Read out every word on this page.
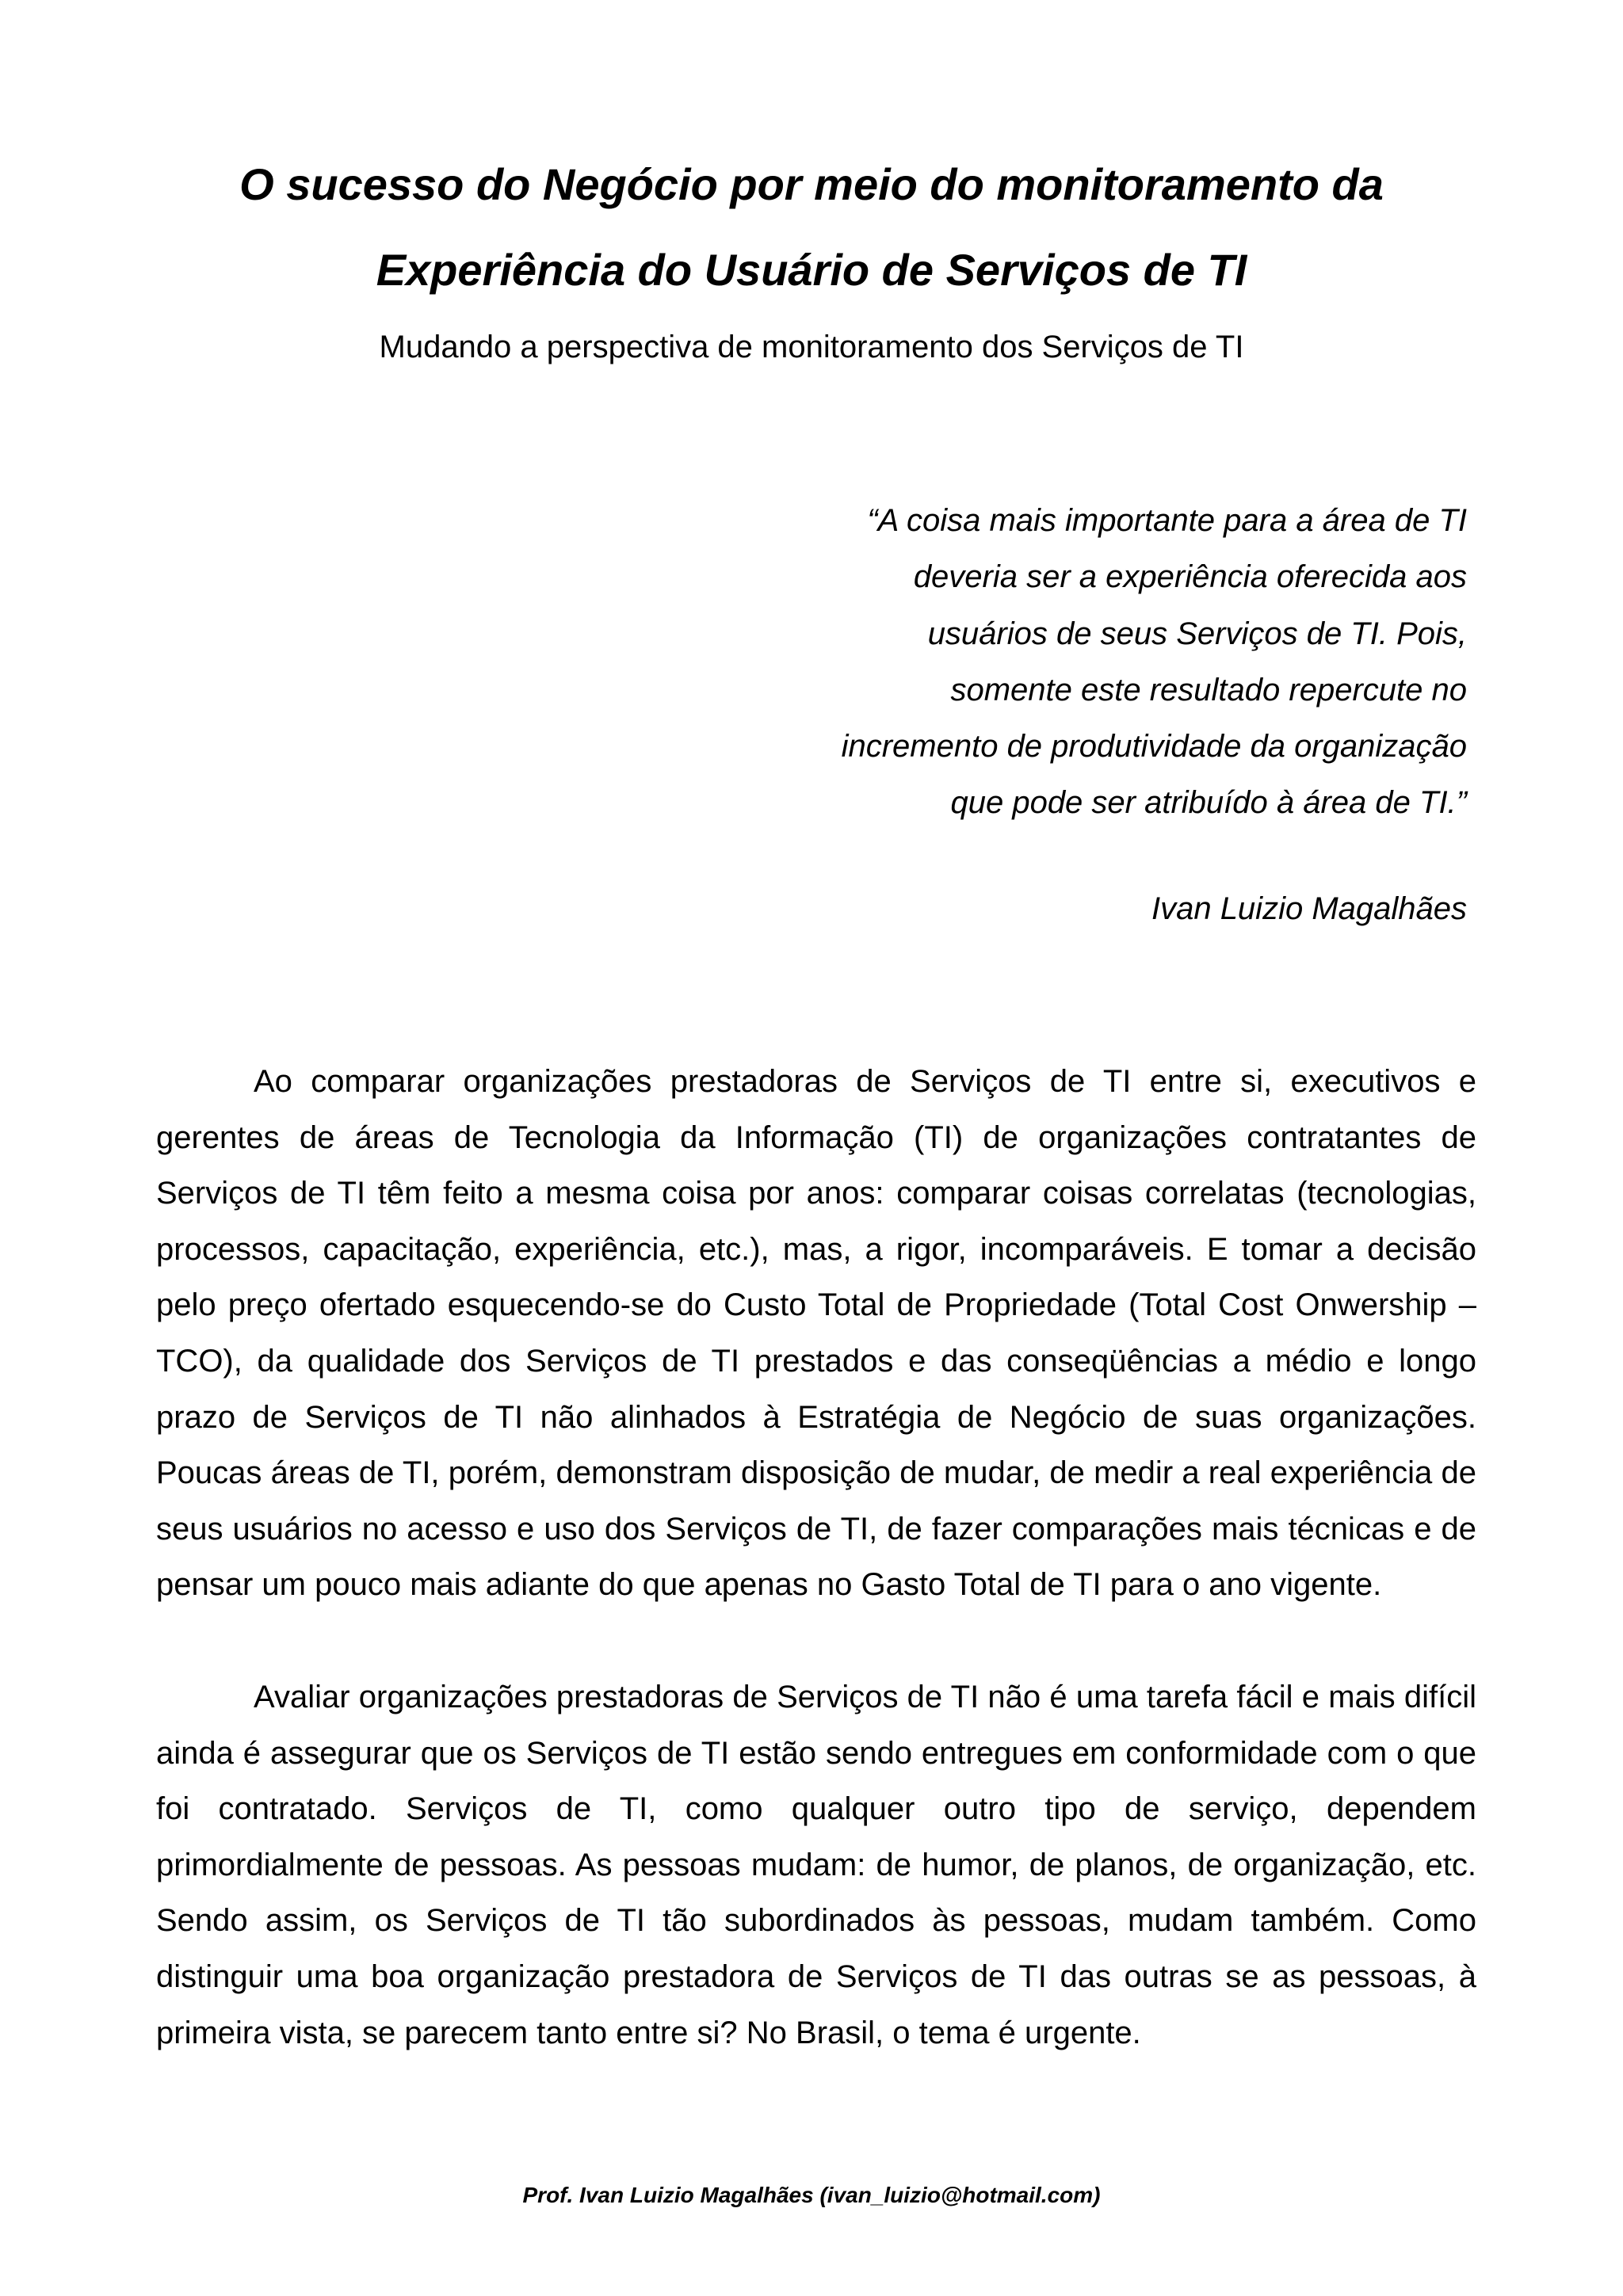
O sucesso do Negócio por meio do monitoramento da
Experiência do Usuário de Serviços de TI

Mudando a perspectiva de monitoramento dos Serviços de TI

“A coisa mais importante para a área de TI
deveria ser a experiência oferecida aos
usuários de seus Serviços de TI. Pois,
somente este resultado repercute no
incremento de produtividade da organização
que pode ser atribuído à área de TI.”
Ivan Luizio Magalhães

Ao comparar organizações prestadoras de Serviços de TI entre si, executivos e gerentes de áreas de Tecnologia da Informação (TI) de organizações contratantes de Serviços de TI têm feito a mesma coisa por anos: comparar coisas correlatas (tecnologias, processos, capacitação, experiência, etc.), mas, a rigor, incomparáveis. E tomar a decisão pelo preço ofertado esquecendo-se do Custo Total de Propriedade (Total Cost Onwership – TCO), da qualidade dos Serviços de TI prestados e das conseqüências a médio e longo prazo de Serviços de TI não alinhados à Estratégia de Negócio de suas organizações. Poucas áreas de TI, porém, demonstram disposição de mudar, de medir a real experiência de seus usuários no acesso e uso dos Serviços de TI, de fazer comparações mais técnicas e de pensar um pouco mais adiante do que apenas no Gasto Total de TI para o ano vigente.

Avaliar organizações prestadoras de Serviços de TI não é uma tarefa fácil e mais difícil ainda é assegurar que os Serviços de TI estão sendo entregues em conformidade com o que foi contratado. Serviços de TI, como qualquer outro tipo de serviço, dependem primordialmente de pessoas. As pessoas mudam: de humor, de planos, de organização, etc. Sendo assim, os Serviços de TI tão subordinados às pessoas, mudam também. Como distinguir uma boa organização prestadora de Serviços de TI das outras se as pessoas, à primeira vista, se parecem tanto entre si? No Brasil, o tema é urgente.

Prof. Ivan Luizio Magalhães (ivan_luizio@hotmail.com)
